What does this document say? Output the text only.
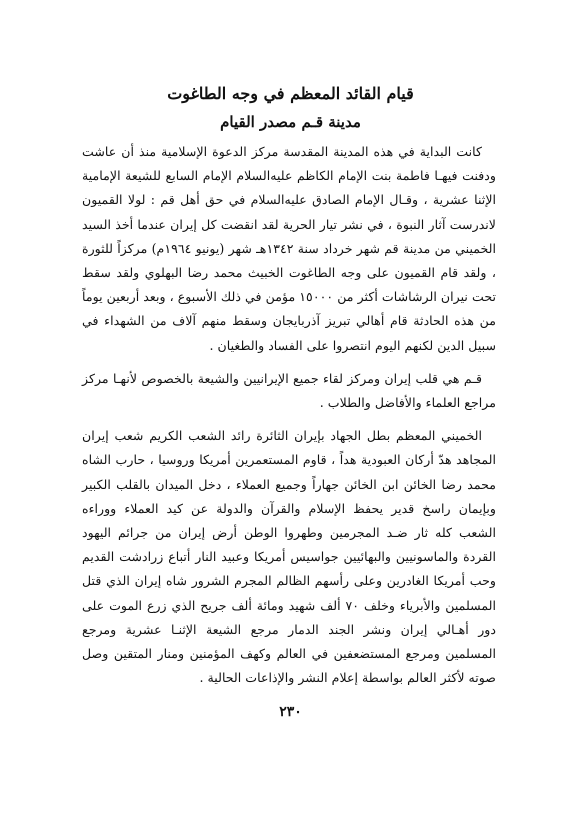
قيام القائد المعظم في وجه الطاغوت
مدينة قـم مصدر القيام

كانت البداية في هذه المدينة المقدسة مركز الدعوة الإسلامية منذ أن عاشت ودفنت فيهـا فاطمة بنت الإمام الكاظم عليه‌السلام الإمام السابع للشيعة الإمامية الإثنا عشرية ، وقـال الإمام الصادق عليه‌السلام في حق أهل قم : لولا القميون لاندرست آثار النبوة ، في نشر تيار الحرية لقد انقضت كل إيران عندما أخذ السيد الخميني من مدينة قم شهر خرداد سنة ١٣٤٢هـ شهر (يونيو ١٩٦٤م) مركزاً للثورة ، ولقد قام القميون على وجه الطاغوت الخبيث محمد رضا البهلوي ولقد سقط تحت نيران الرشاشات أكثر من ١٥٠٠٠ مؤمن في ذلك الأسبوع ، وبعد أربعين يوماً من هذه الحادثة قام أهالي تبريز آذربايجان وسقط منهم آلاف من الشهداء في سبيل الدين لكنهم اليوم انتصروا على الفساد والطغيان .

قـم هي قلب إيران ومركز لقاء جميع الإيرانيين والشيعة بالخصوص لأنهـا مركز مراجع العلماء والأفاضل والطلاب .

الخميني المعظم بطل الجهاد بإيران الثائرة رائد الشعب الكريم شعب إيران المجاهد هدّ أركان العبودية هداً ، قاوم المستعمرين أمريكا وروسيا ، حارب الشاه محمد رضا الخائن ابن الخائن جهاراً وجميع العملاء ، دخل الميدان بالقلب الكبير وبإيمان راسخ قدير يحفظ الإسلام والقرآن والدولة عن كيد العملاء ووراءه الشعب كله ثار ضـد المجرمين وطهروا الوطن أرض إيران من جرائم اليهود القردة والماسونيين والبهائيين جواسيس أمريكا وعبيد النار أتباع زرادشت القديم وحب أمريكا الغادرين وعلى رأسهم الظالم المجرم الشرور شاه إيران الذي قتل المسلمين والأبرياء وخلف ٧٠ ألف شهيد ومائة ألف جريح الذي زرع الموت على دور أهـالي إيران ونشر الجند الدمار مرجع الشيعة الإثنـا عشرية ومرجع المسلمين ومرجع المستضعفين في العالم وكهف المؤمنين ومنار المتقين وصل صوته لأكثر العالم بواسطة إعلام النشر والإذاعات الحالية .

٢٣٠
